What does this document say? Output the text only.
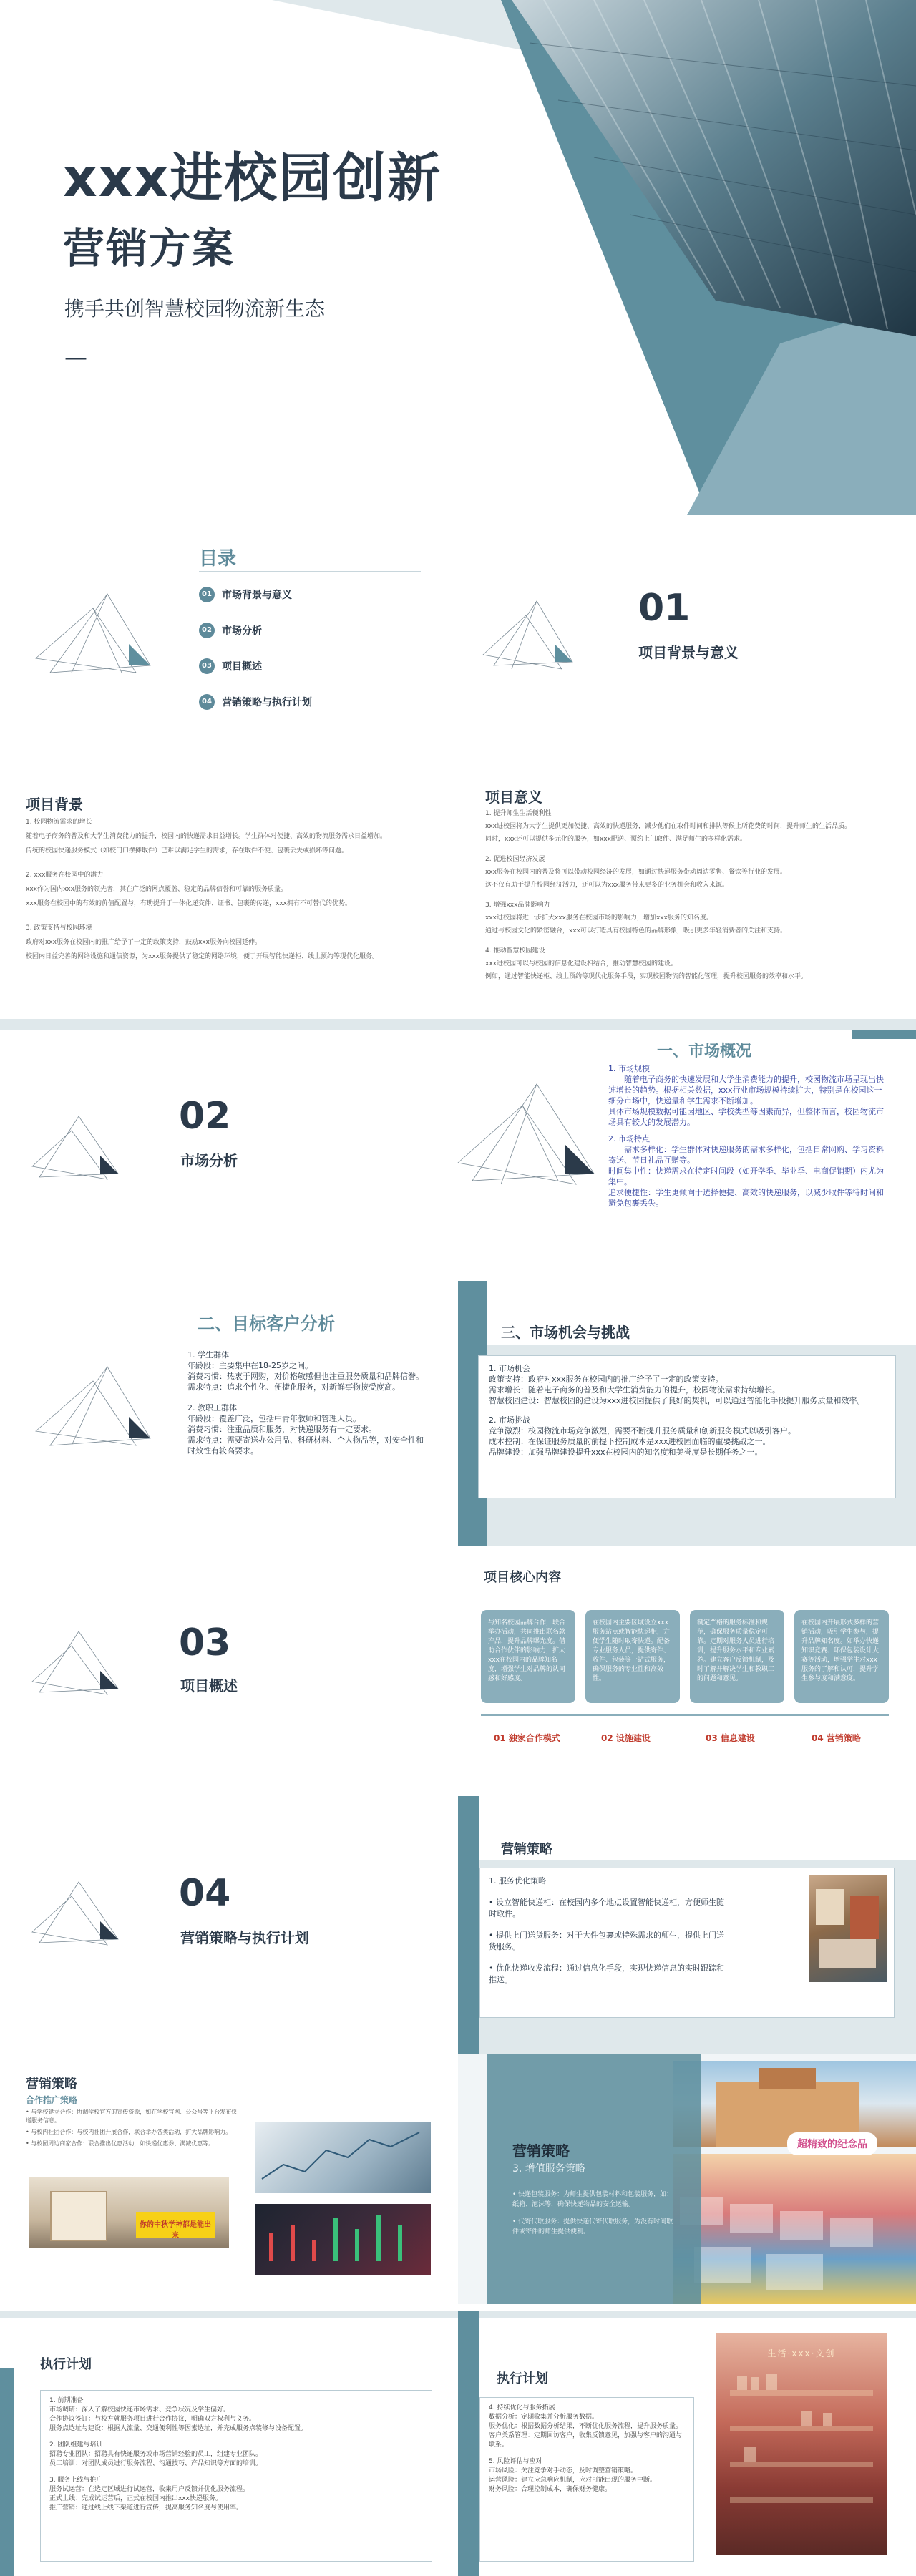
xxx进校园创新
营销方案
携手共创智慧校园物流新生态
—
目录
01 市场背景与意义
02 市场分析
03 项目概述
04 营销策略与执行计划
01
项目背景与意义
项目背景
1. 校园物流需求的增长
随着电子商务的普及和大学生消费能力的提升，校园内的快递需求日益增长。学生群体对便捷、高效的物流服务需求日益增加。
传统的校园快递服务模式（如校门口摆摊取件）已难以满足学生的需求，存在取件不便、包裹丢失或损坏等问题。
2. xxx服务在校园中的潜力
xxx作为国内xxx服务的领先者，其在广泛的网点覆盖、稳定的品牌信誉和可靠的服务质量。
xxx服务在校园中的有效的价值配置与，有助提升于一体化递交件、证书、包裹的传递，xxx拥有不可替代的优势。
3. 政策支持与校园环境
政府对xxx服务在校园内的推广给予了一定的政策支持，鼓励xxx服务向校园延伸。
校园内日益完善的网络设施和通信资源，为xxx服务提供了稳定的网络环境，便于开展智能快递柜、线上预约等现代化服务。
项目意义
1. 提升师生生活便利性
xxx进校园将为大学生提供更加便捷、高效的快递服务，减少他们在取件时间和排队等候上所花费的时间，提升师生的生活品质。
同时，xxx还可以提供多元化的服务，如xxx配送、预约上门取件、满足师生的多样化需求。
2. 促进校园经济发展
xxx服务在校园内的普及将可以带动校园经济的发展，如通过快递服务带动周边零售、餐饮等行业的发展。
这不仅有助于提升校园经济活力，还可以为xxx服务带来更多的业务机会和收入来源。
3. 增强xxx品牌影响力
xxx进校园将进一步扩大xxx服务在校园市场的影响力，增加xxx服务的知名度。
通过与校园文化的紧密融合，xxx可以打造具有校园特色的品牌形象，吸引更多年轻消费者的关注和支持。
4. 推动智慧校园建设
xxx进校园可以与校园的信息化建设相结合，推动智慧校园的建设。
例如，通过智能快递柜、线上预约等现代化服务手段，实现校园物流的智能化管理，提升校园服务的效率和水平。
02
市场分析
一、市场概况
1. 市场规模
随着电子商务的快速发展和大学生消费能力的提升，校园物流市场呈现出快速增长的趋势。根据相关数据，xxx行业市场规模持续扩大，特别是在校园这一细分市场中，快递量和学生需求不断增加。
具体市场规模数据可能因地区、学校类型等因素而异，但整体而言，校园物流市场具有较大的发展潜力。
2. 市场特点
需求多样化：学生群体对快递服务的需求多样化，包括日常网购、学习资料寄送、节日礼品互赠等。
时间集中性：快递需求在特定时间段（如开学季、毕业季、电商促销期）内尤为集中。
追求便捷性：学生更倾向于选择便捷、高效的快递服务，以减少取件等待时间和避免包裹丢失。
二、目标客户分析
1. 学生群体
年龄段：主要集中在18-25岁之间。
消费习惯：热衷于网购，对价格敏感但也注重服务质量和品牌信誉。
需求特点：追求个性化、便捷化服务，对新鲜事物接受度高。
2. 教职工群体
年龄段：覆盖广泛，包括中青年教师和管理人员。
消费习惯：注重品质和服务，对快递服务有一定要求。
需求特点：需要寄送办公用品、科研材料、个人物品等，对安全性和时效性有较高要求。
三、市场机会与挑战
1. 市场机会
政策支持：政府对xxx服务在校园内的推广给予了一定的政策支持。
需求增长：随着电子商务的普及和大学生消费能力的提升，校园物流需求持续增长。
智慧校园建设：智慧校园的建设为xxx进校园提供了良好的契机，可以通过智能化手段提升服务质量和效率。
2. 市场挑战
竞争激烈：校园物流市场竞争激烈，需要不断提升服务质量和创新服务模式以吸引客户。
成本控制：在保证服务质量的前提下控制成本是xxx进校园面临的重要挑战之一。
品牌建设：加强品牌建设提升xxx在校园内的知名度和美誉度是长期任务之一。
项目核心内容
03
项目概述
与知名校园品牌合作，联合举办活动，共同推出联名款产品，提升品牌曝光度。借助合作伙伴的影响力，扩大xxx在校园内的品牌知名度，增强学生对品牌的认同感和好感度。
01 独家合作模式
在校园内主要区域设立xxx服务站点或智能快递柜，方便学生随时取寄快递。配备专业服务人员，提供寄件、收件、包装等一站式服务，确保服务的专业性和高效性。
02 设施建设
制定严格的服务标准和规范，确保服务质量稳定可靠。定期对服务人员进行培训，提升服务水平和专业素养。建立客户反馈机制，及时了解并解决学生和教职工的问题和意见。
03 信息建设
在校园内开展形式多样的营销活动，吸引学生参与，提升品牌知名度。如举办快递知识竞赛、环保包装设计大赛等活动，增强学生对xxx服务的了解和认可，提升学生参与度和满意度。
04 营销策略
04
营销策略与执行计划
营销策略
1. 服务优化策略
• 设立智能快递柜：在校园内多个地点设置智能快递柜，方便师生随时取件。
• 提供上门送货服务：对于大件包裹或特殊需求的师生，提供上门送货服务。
• 优化快递收发流程：通过信息化手段，实现快递信息的实时跟踪和推送。
营销策略
合作推广策略
• 与学校建立合作：协调学校官方的宣传资源，如在学校官网、公众号等平台发布快递服务信息。
• 与校内社团合作：与校内社团开展合作，联合举办各类活动，扩大品牌影响力。
• 与校园周边商家合作：联合推出优惠活动，如快递优惠券、满减优惠等。
你的中秋学神都是能出来
超精致的纪念品
营销策略
3. 增值服务策略
• 快递包装服务：为师生提供包装材料和包装服务，如：纸箱、泡沫等，确保快递物品的安全运输。
• 代寄代取服务：提供快递代寄代取服务，为没有时间取件或寄件的师生提供便利。
执行计划
1. 前期准备
市场调研：深入了解校园快递市场需求、竞争状况及学生偏好。
合作协议签订：与校方就服务项目进行合作协议，明确双方权利与义务。
服务点选址与建设：根据人流量、交通便利性等因素选址，并完成服务点装修与设备配置。
2. 团队组建与培训
招聘专业团队：招聘具有快递服务或市场营销经验的员工，组建专业团队。
员工培训：对团队成员进行服务流程、沟通技巧、产品知识等方面的培训。
3. 服务上线与推广
服务试运营：在选定区域进行试运营，收集用户反馈并优化服务流程。
正式上线：完成试运营后，正式在校园内推出xxx快递服务。
推广营销：通过线上线下渠道进行宣传，提高服务知名度与使用率。
执行计划
4. 持续优化与服务拓展
数据分析：定期收集并分析服务数据。
服务优化：根据数据分析结果，不断优化服务流程，提升服务质量。
客户关系管理：定期回访客户，收集反馈意见，加强与客户的沟通与联系。
5. 风险评估与应对
市场风险：关注竞争对手动态，及时调整营销策略。
运营风险：建立应急响应机制，应对可能出现的服务中断。
财务风险：合理控制成本，确保财务健康。
生活·xxx·文创
